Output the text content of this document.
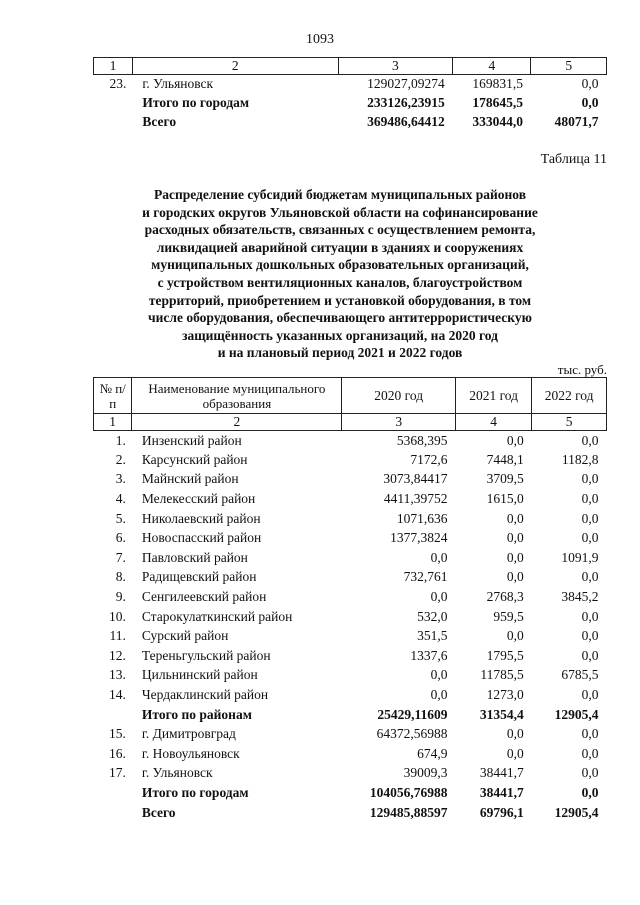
1093
1	2	3	4	5
23.	г. Ульяновск	129027,09274	169831,5	0,0
	Итого по городам	233126,23915	178645,5	0,0
	Всего	369486,64412	333044,0	48071,7
Таблица 11
Распределение субсидий бюджетам муниципальных районов
и городских округов Ульяновской области на софинансирование
расходных обязательств, связанных с осуществлением ремонта,
ликвидацией аварийной ситуации в зданиях и сооружениях
муниципальных дошкольных образовательных организаций,
с устройством вентиляционных каналов, благоустройством
территорий, приобретением и установкой оборудования, в том
числе оборудования, обеспечивающего антитеррористическую
защищённость указанных организаций, на 2020 год
и на плановый период 2021 и 2022 годов
тыс. руб.
№ п/п	Наименование муниципального образования	2020 год	2021 год	2022 год
1	2	3	4	5
1.	Инзенский район	5368,395	0,0	0,0
2.	Карсунский район	7172,6	7448,1	1182,8
3.	Майнский район	3073,84417	3709,5	0,0
4.	Мелекесский район	4411,39752	1615,0	0,0
5.	Николаевский район	1071,636	0,0	0,0
6.	Новоспасский район	1377,3824	0,0	0,0
7.	Павловский район	0,0	0,0	1091,9
8.	Радищевский район	732,761	0,0	0,0
9.	Сенгилеевский район	0,0	2768,3	3845,2
10.	Старокулаткинский район	532,0	959,5	0,0
11.	Сурский район	351,5	0,0	0,0
12.	Тереньгульский район	1337,6	1795,5	0,0
13.	Цильнинский район	0,0	11785,5	6785,5
14.	Чердаклинский район	0,0	1273,0	0,0
	Итого по районам	25429,11609	31354,4	12905,4
15.	г. Димитровград	64372,56988	0,0	0,0
16.	г. Новоульяновск	674,9	0,0	0,0
17.	г. Ульяновск	39009,3	38441,7	0,0
	Итого по городам	104056,76988	38441,7	0,0
	Всего	129485,88597	69796,1	12905,4
